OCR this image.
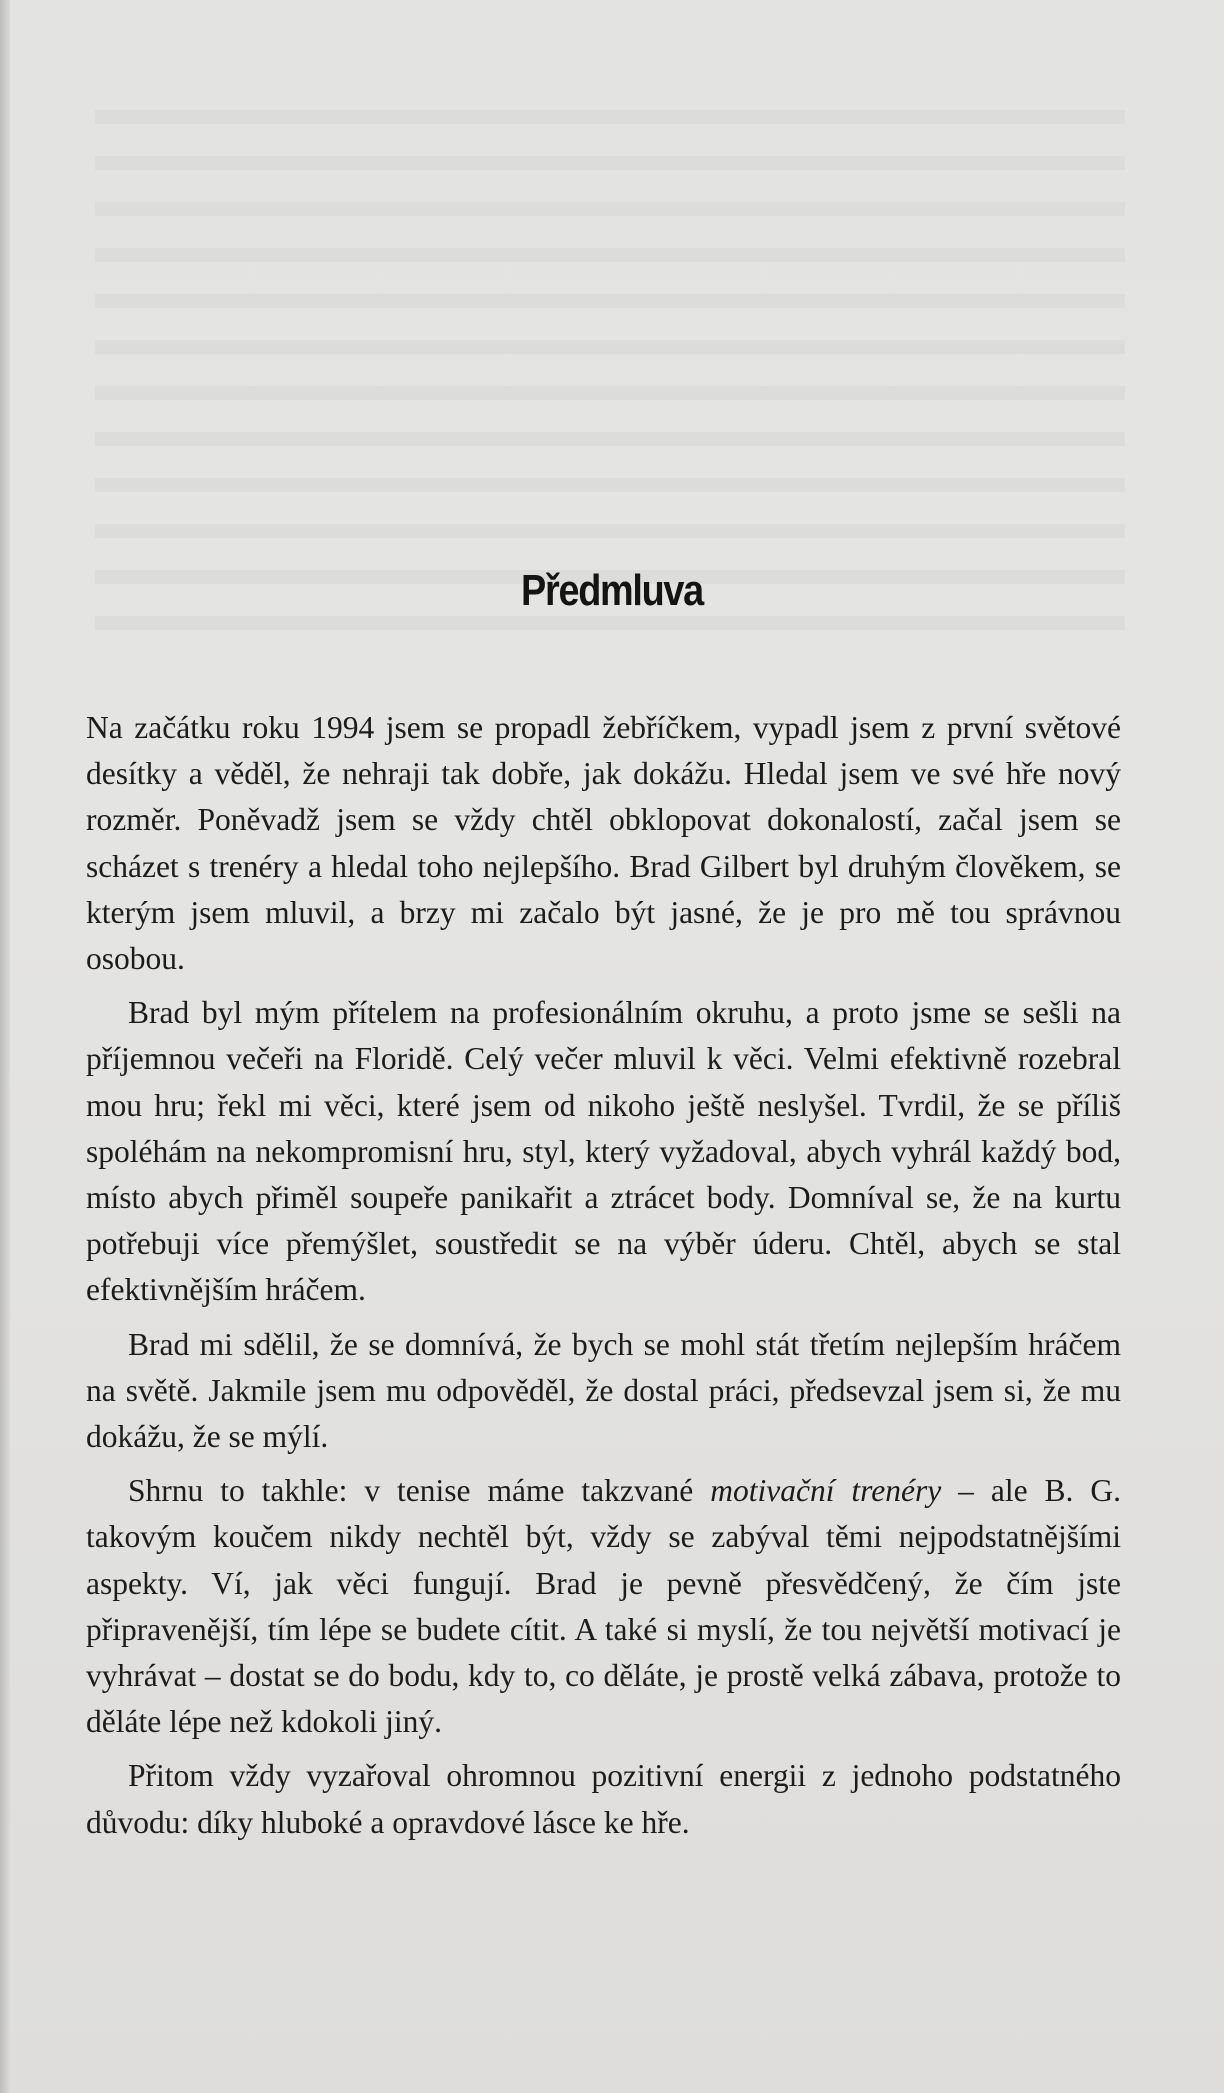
Předmluva

Na začátku roku 1994 jsem se propadl žebříčkem, vypadl jsem z první světové desítky a věděl, že nehraji tak dobře, jak dokážu. Hledal jsem ve své hře nový rozměr. Poněvadž jsem se vždy chtěl obklopovat dokonalostí, začal jsem se scházet s trenéry a hledal toho nejlepšího. Brad Gilbert byl druhým člověkem, se kterým jsem mluvil, a brzy mi začalo být jasné, že je pro mě tou správnou osobou.

Brad byl mým přítelem na profesionálním okruhu, a proto jsme se sešli na příjemnou večeři na Floridě. Celý večer mluvil k věci. Velmi efektivně rozebral mou hru; řekl mi věci, které jsem od nikoho ještě neslyšel. Tvrdil, že se příliš spoléhám na nekompromisní hru, styl, který vyžadoval, abych vyhrál každý bod, místo abych přiměl soupeře panikařit a ztrácet body. Domníval se, že na kurtu potřebuji více přemýšlet, soustředit se na výběr úderu. Chtěl, abych se stal efektivnějším hráčem.

Brad mi sdělil, že se domnívá, že bych se mohl stát třetím nejlepším hráčem na světě. Jakmile jsem mu odpověděl, že dostal práci, předsevzal jsem si, že mu dokážu, že se mýlí.

Shrnu to takhle: v tenise máme takzvané motivační trenéry – ale B. G. takovým koučem nikdy nechtěl být, vždy se zabýval těmi nejpodstatnějšími aspekty. Ví, jak věci fungují. Brad je pevně přesvědčený, že čím jste připravenější, tím lépe se budete cítit. A také si myslí, že tou největší motivací je vyhrávat – dostat se do bodu, kdy to, co děláte, je prostě velká zábava, protože to děláte lépe než kdokoli jiný.

Přitom vždy vyzařoval ohromnou pozitivní energii z jednoho podstatného důvodu: díky hluboké a opravdové lásce ke hře.
